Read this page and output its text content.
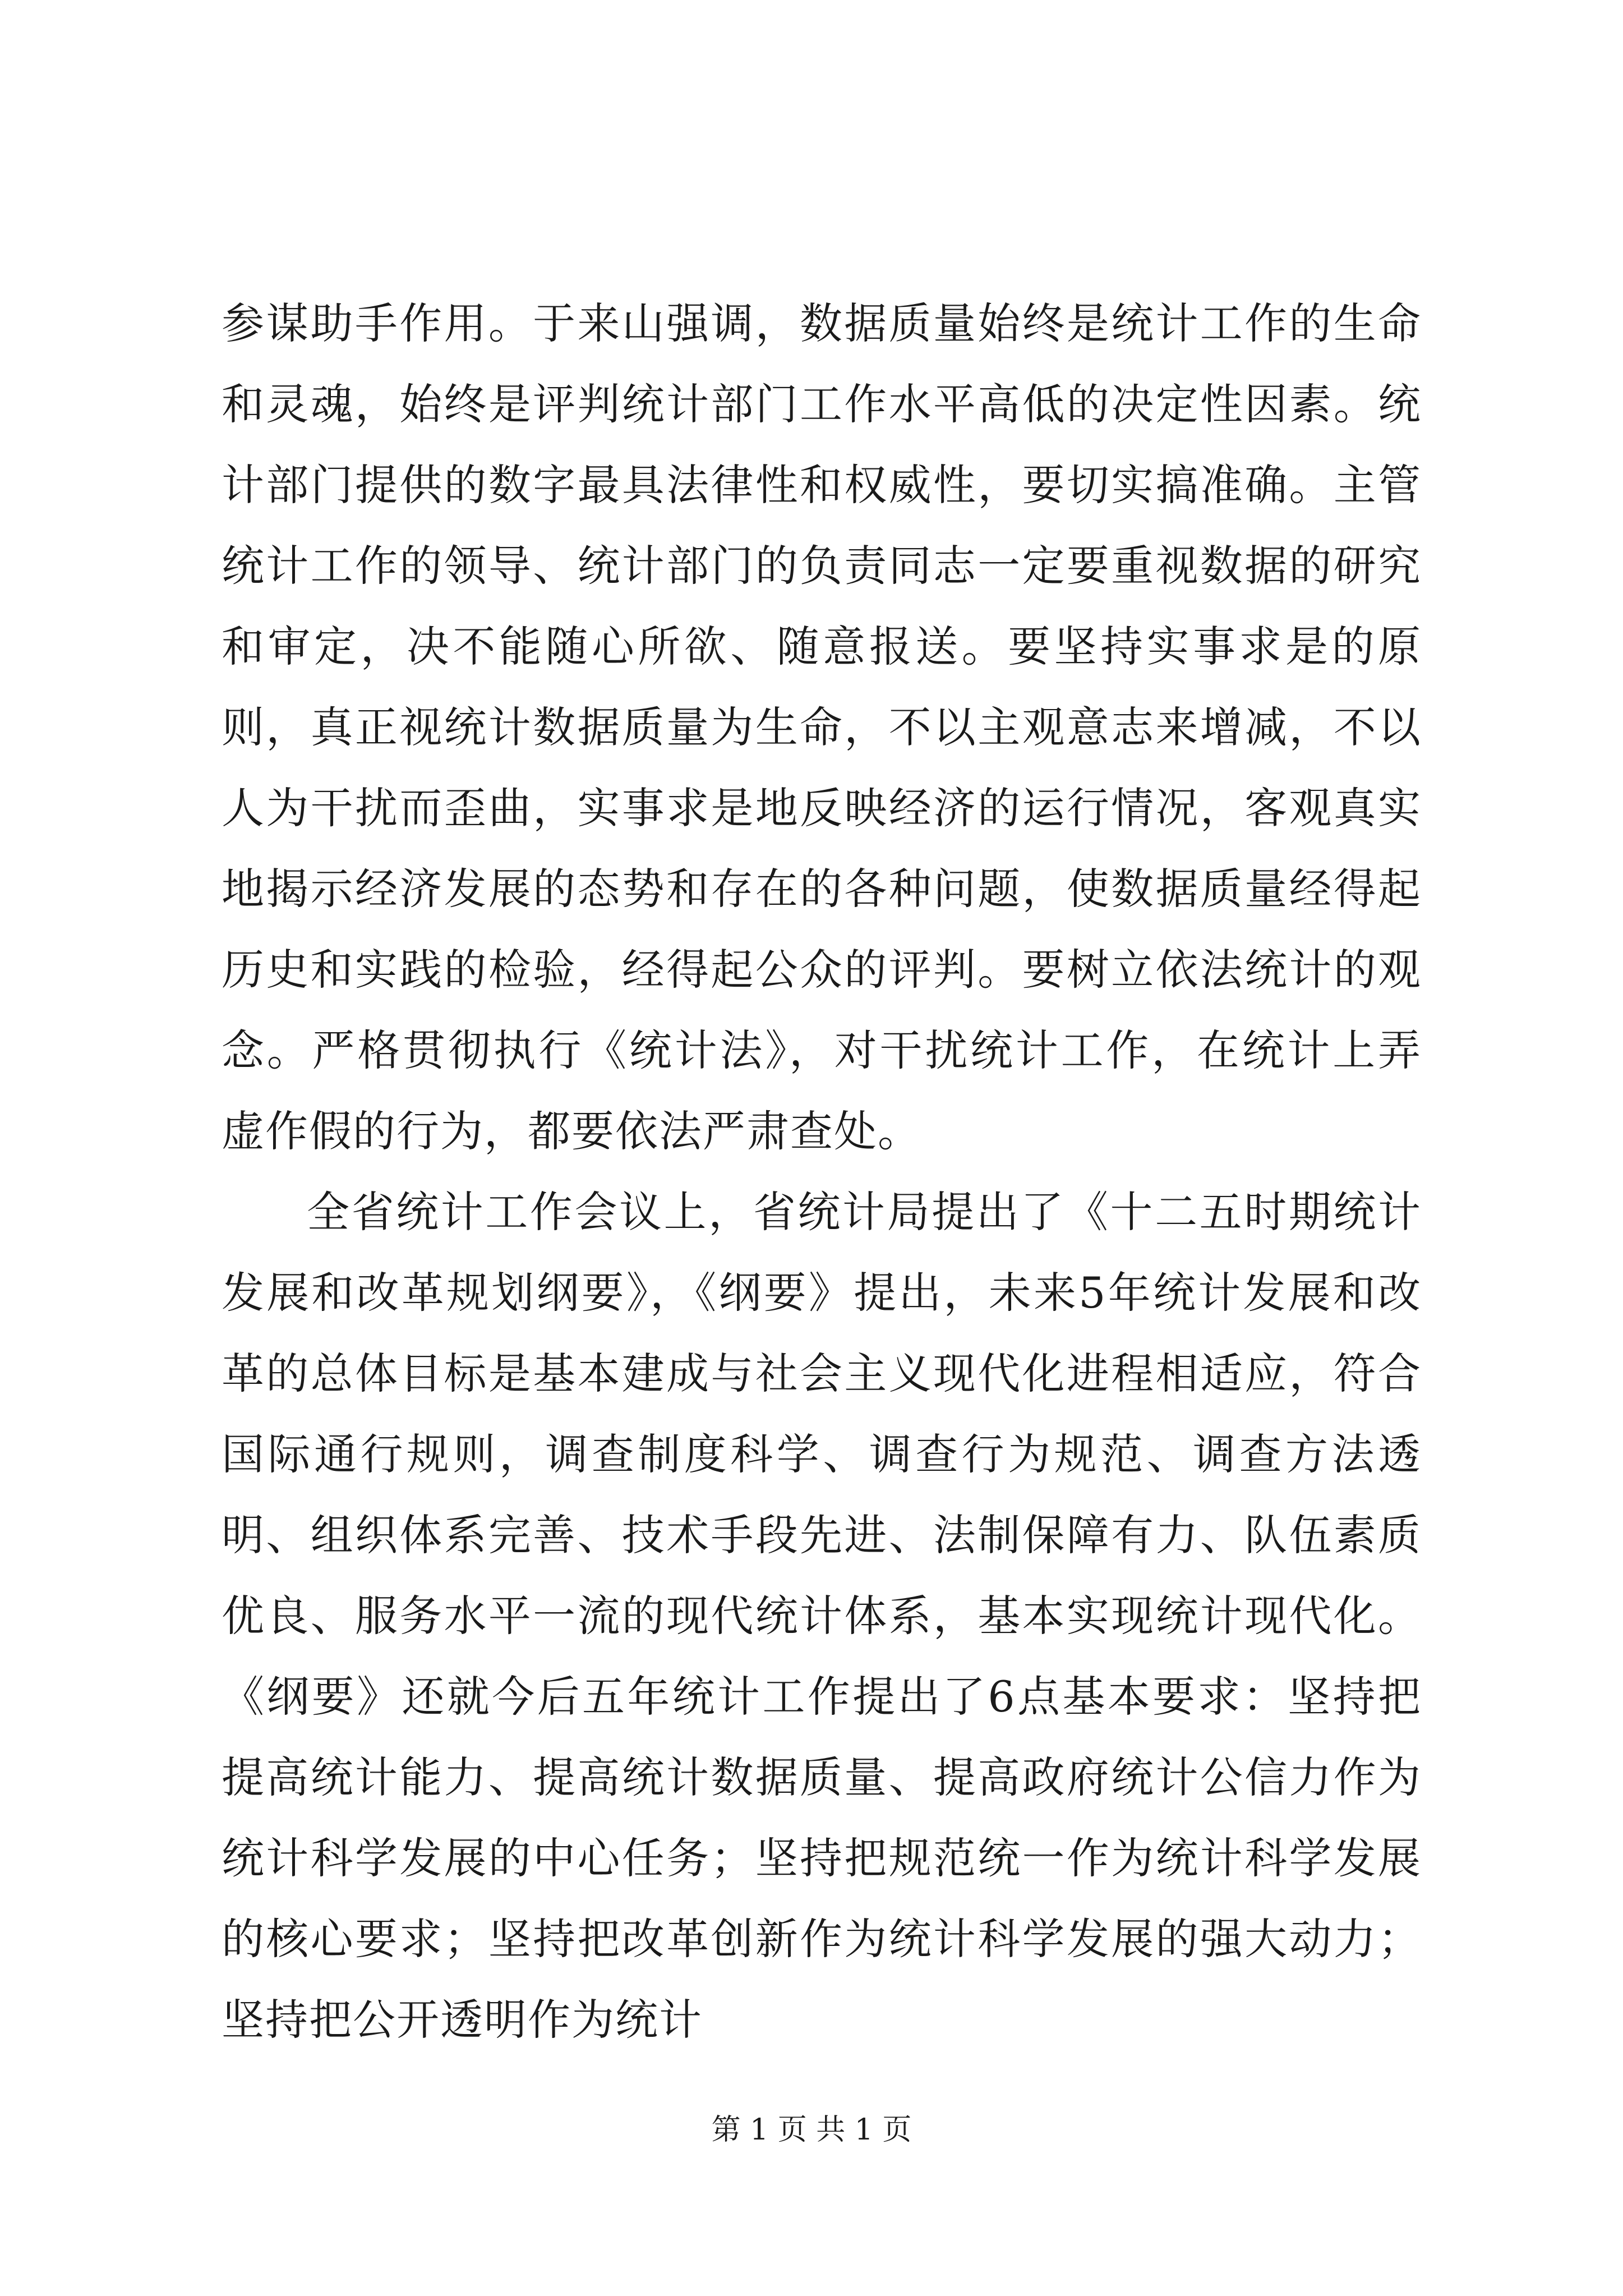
参谋助手作用。于来山强调，数据质量始终是统计工作的生命和灵魂，始终是评判统计部门工作水平高低的决定性因素。统计部门提供的数字最具法律性和权威性，要切实搞准确。主管统计工作的领导、统计部门的负责同志一定要重视数据的研究和审定，决不能随心所欲、随意报送。要坚持实事求是的原则，真正视统计数据质量为生命，不以主观意志来增减，不以人为干扰而歪曲，实事求是地反映经济的运行情况，客观真实地揭示经济发展的态势和存在的各种问题，使数据质量经得起历史和实践的检验，经得起公众的评判。要树立依法统计的观念。严格贯彻执行《统计法》，对干扰统计工作，在统计上弄虚作假的行为，都要依法严肃查处。

全省统计工作会议上，省统计局提出了《十二五时期统计发展和改革规划纲要》，《纲要》提出，未来5年统计发展和改革的总体目标是基本建成与社会主义现代化进程相适应，符合国际通行规则，调查制度科学、调查行为规范、调查方法透明、组织体系完善、技术手段先进、法制保障有力、队伍素质优良、服务水平一流的现代统计体系，基本实现统计现代化。《纲要》还就今后五年统计工作提出了6点基本要求：坚持把提高统计能力、提高统计数据质量、提高政府统计公信力作为统计科学发展的中心任务；坚持把规范统一作为统计科学发展的核心要求；坚持把改革创新作为统计科学发展的强大动力；坚持把公开透明作为统计

第 1 页 共 1 页
